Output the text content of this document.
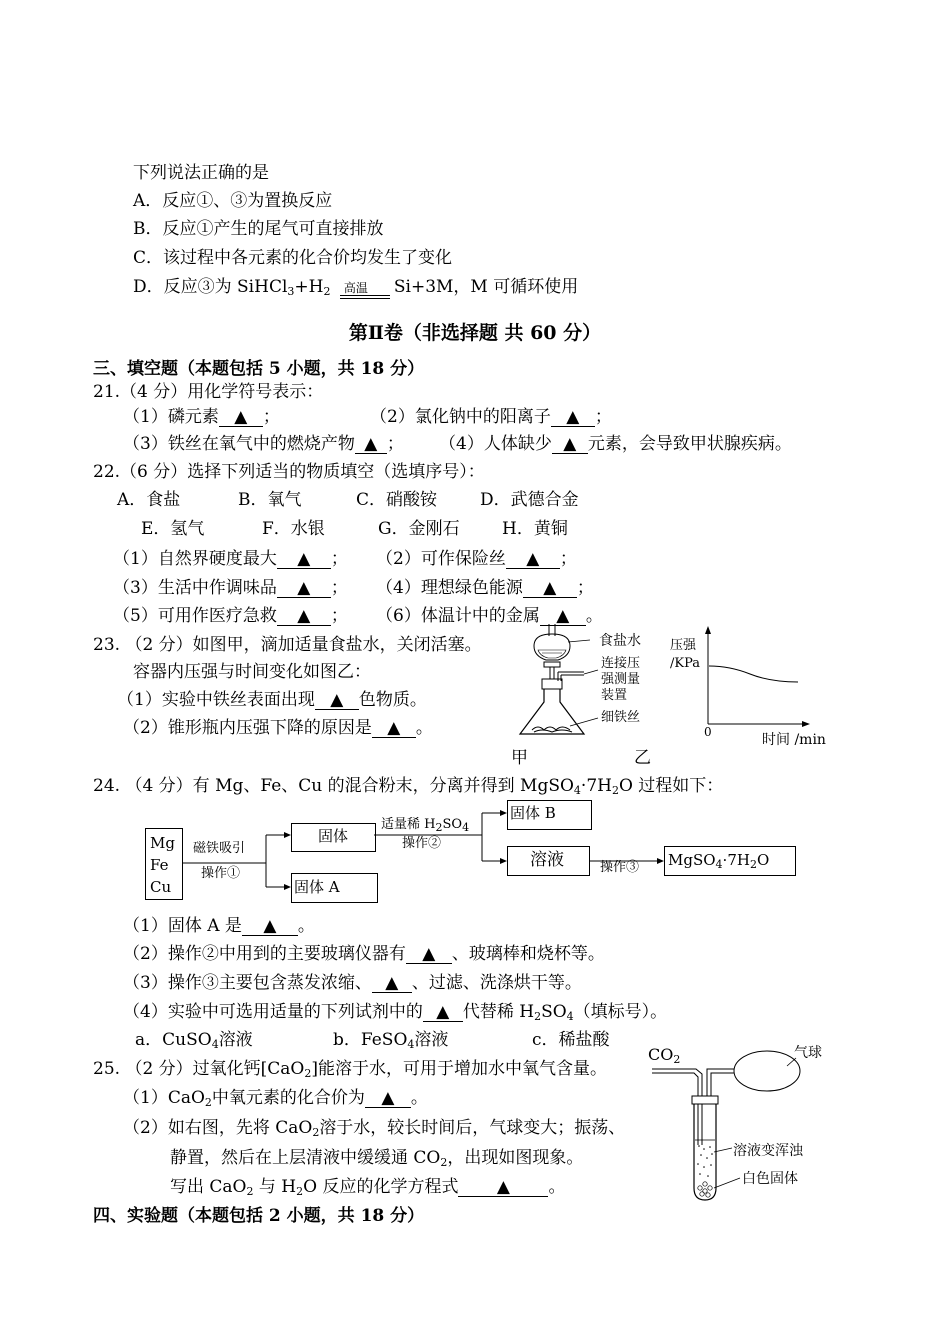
下列说法正确的是
A．反应①、③为置换反应
B．反应①产生的尾气可直接排放
C．该过程中各元素的化合价均发生了变化
D．反应③为 $SiHCl_3+H_2$ 高温 Si+3M，M 可循环使用
第Ⅱ卷（非选择题 共 60 分）
三、填空题（本题包括 5 小题，共 18 分）
21.（4 分）用化学符号表示：
（1）磷元素 ▲ ；	（2）氯化钠中的阳离子 ▲ ；
（3）铁丝在氧气中的燃烧产物 ▲ ； （4）人体缺少 ▲ 元素，会导致甲状腺疾病。
22.（6 分）选择下列适当的物质填空（选填序号）：
A．食盐	B．氧气	C．硝酸铵	D．武德合金
E．氢气	F．水银	G．金刚石 H．黄铜
（1）自然界硬度最大 ▲ ； （2）可作保险丝 ▲ ；
（3）生活中作调味品 ▲ ； （4）理想绿色能源 ▲ ；
（5）可用作医疗急救 ▲ ； （6）体温计中的金属 ▲ 。
23. （2 分）如图甲，滴加适量食盐水，关闭活塞。
容器内压强与时间变化如图乙：
（1）实验中铁丝表面出现 ▲ 色物质。
（2）锥形瓶内压强下降的原因是 ▲ 。
食盐水
连接压
强测量
装置
细铁丝
甲	乙
压强
/KPa
0	时间 /min
24. （4 分）有 Mg、Fe、Cu 的混合粉末，分离并得到 $MgSO_4\cdot 7H_2O$ 过程如下：
Mg
Fe
Cu
磁铁吸引
操作①
固体
适量稀 $H_2SO_4$
操作②
固体 B
溶液	操作③ $MgSO_4\cdot 7H_2O$
固体 A
（1）固体 A 是 ▲ 。
（2）操作②中用到的主要玻璃仪器有 ▲ 、玻璃棒和烧杯等。
（3）操作③主要包含蒸发浓缩、 ▲ 、过滤、洗涤烘干等。
（4）实验中可选用适量的下列试剂中的 ▲ 代替稀 $H_2SO_4$（填标号）。
a．CuSO$_4$溶液	b．FeSO$_4$溶液	c．稀盐酸
25. （2 分）过氧化钙[CaO$_2$]能溶于水，可用于增加水中氧气含量。
（1）CaO$_2$中氧元素的化合价为 ▲ 。
（2）如右图，先将 CaO$_2$溶于水，较长时间后，气球变大；振荡、
静置，然后在上层清液中缓缓通 $CO_2$，出现如图现象。
写出 CaO$_2$ 与 $H_2O$ 反应的化学方程式 ▲ 。
$CO_2$	气球
溶液变浑浊
白色固体
四、实验题（本题包括 2 小题，共 18 分）
